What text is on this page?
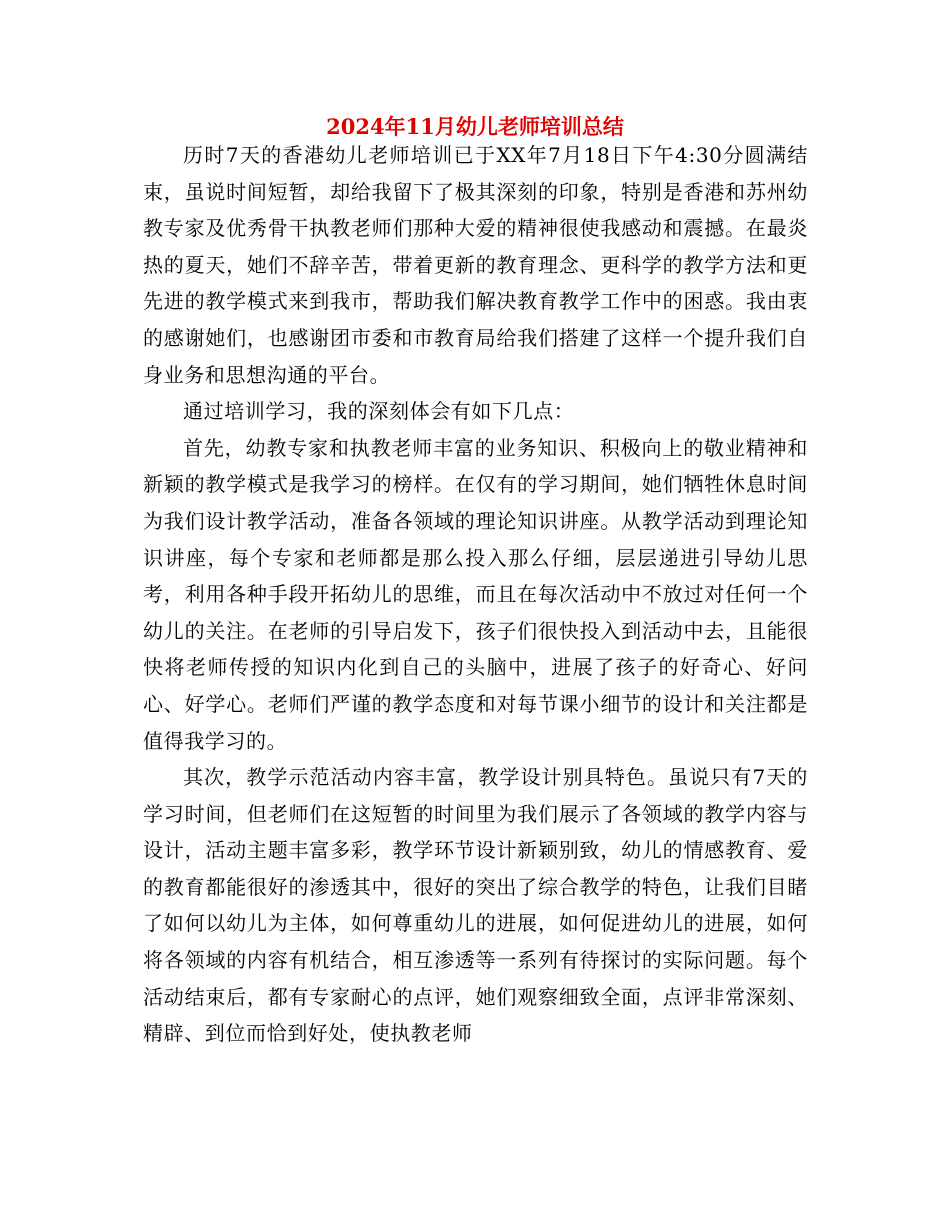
2024年11月幼儿老师培训总结

历时7天的香港幼儿老师培训已于XX年7月18日下午4:30分圆满结束，虽说时间短暂，却给我留下了极其深刻的印象，特别是香港和苏州幼教专家及优秀骨干执教老师们那种大爱的精神很使我感动和震撼。在最炎热的夏天，她们不辞辛苦，带着更新的教育理念、更科学的教学方法和更先进的教学模式来到我市，帮助我们解决教育教学工作中的困惑。我由衷的感谢她们，也感谢团市委和市教育局给我们搭建了这样一个提升我们自身业务和思想沟通的平台。

通过培训学习，我的深刻体会有如下几点：

首先，幼教专家和执教老师丰富的业务知识、积极向上的敬业精神和新颖的教学模式是我学习的榜样。在仅有的学习期间，她们牺牲休息时间为我们设计教学活动，准备各领域的理论知识讲座。从教学活动到理论知识讲座，每个专家和老师都是那么投入那么仔细，层层递进引导幼儿思考，利用各种手段开拓幼儿的思维，而且在每次活动中不放过对任何一个幼儿的关注。在老师的引导启发下，孩子们很快投入到活动中去，且能很快将老师传授的知识内化到自己的头脑中，进展了孩子的好奇心、好问心、好学心。老师们严谨的教学态度和对每节课小细节的设计和关注都是值得我学习的。

其次，教学示范活动内容丰富，教学设计别具特色。虽说只有7天的学习时间，但老师们在这短暂的时间里为我们展示了各领域的教学内容与设计，活动主题丰富多彩，教学环节设计新颖别致，幼儿的情感教育、爱的教育都能很好的渗透其中，很好的突出了综合教学的特色，让我们目睹了如何以幼儿为主体，如何尊重幼儿的进展，如何促进幼儿的进展，如何将各领域的内容有机结合，相互渗透等一系列有待探讨的实际问题。每个活动结束后，都有专家耐心的点评，她们观察细致全面，点评非常深刻、精辟、到位而恰到好处，使执教老师
